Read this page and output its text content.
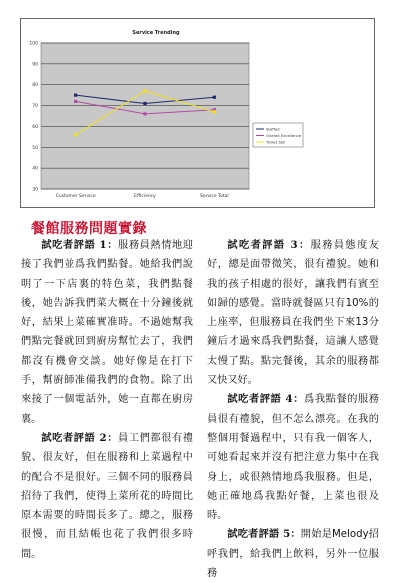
Service Trending
30
40
50
60
70
80
90
100
Customer Service	Efficiency	Service Total
Staffed
Overall Excellence
Ticket Sell
餐館服務問題實錄

試吃者評語 1：服務員熱情地迎接了我們並爲我們點餐。她給我們說明了一下店裏的特色菜，我們點餐後，她告訴我們菜大概在十分鐘後就好，結果上菜確實准時。不過她幫我們點完餐就回到廚房幫忙去了，我們都沒有機會交談。她好像是在打下手，幫廚師准備我們的食物。除了出來接了一個電話外，她一直都在廚房裏。

試吃者評語 2：員工們都很有禮貌、很友好，但在服務和上菜過程中的配合不是很好。三個不同的服務員招待了我們，使得上菜所花的時間比原本需要的時間長多了。總之，服務很慢，而且結帳也花了我們很多時間。

試吃者評語 3：服務員態度友好，總是面帶微笑，很有禮貌。她和我的孩子相處的很好，讓我們有賓至如歸的感覺。當時就餐區只有10%的上座率，但服務員在我們坐下來13分鐘后才過來爲我們點餐，這讓人感覺太慢了點。點完餐後，其余的服務都又快又好。

試吃者評語 4：爲我點餐的服務員很有禮貌，但不怎么漂亮。在我的整個用餐過程中，只有我一個客人，可她看起來并沒有把注意力集中在我身上，或很熱情地爲我服務。但是，她正確地爲我點好餐，上菜也很及時。

試吃者評語 5：開始是Melody招呼我們，給我們上飲料，另外一位服務
